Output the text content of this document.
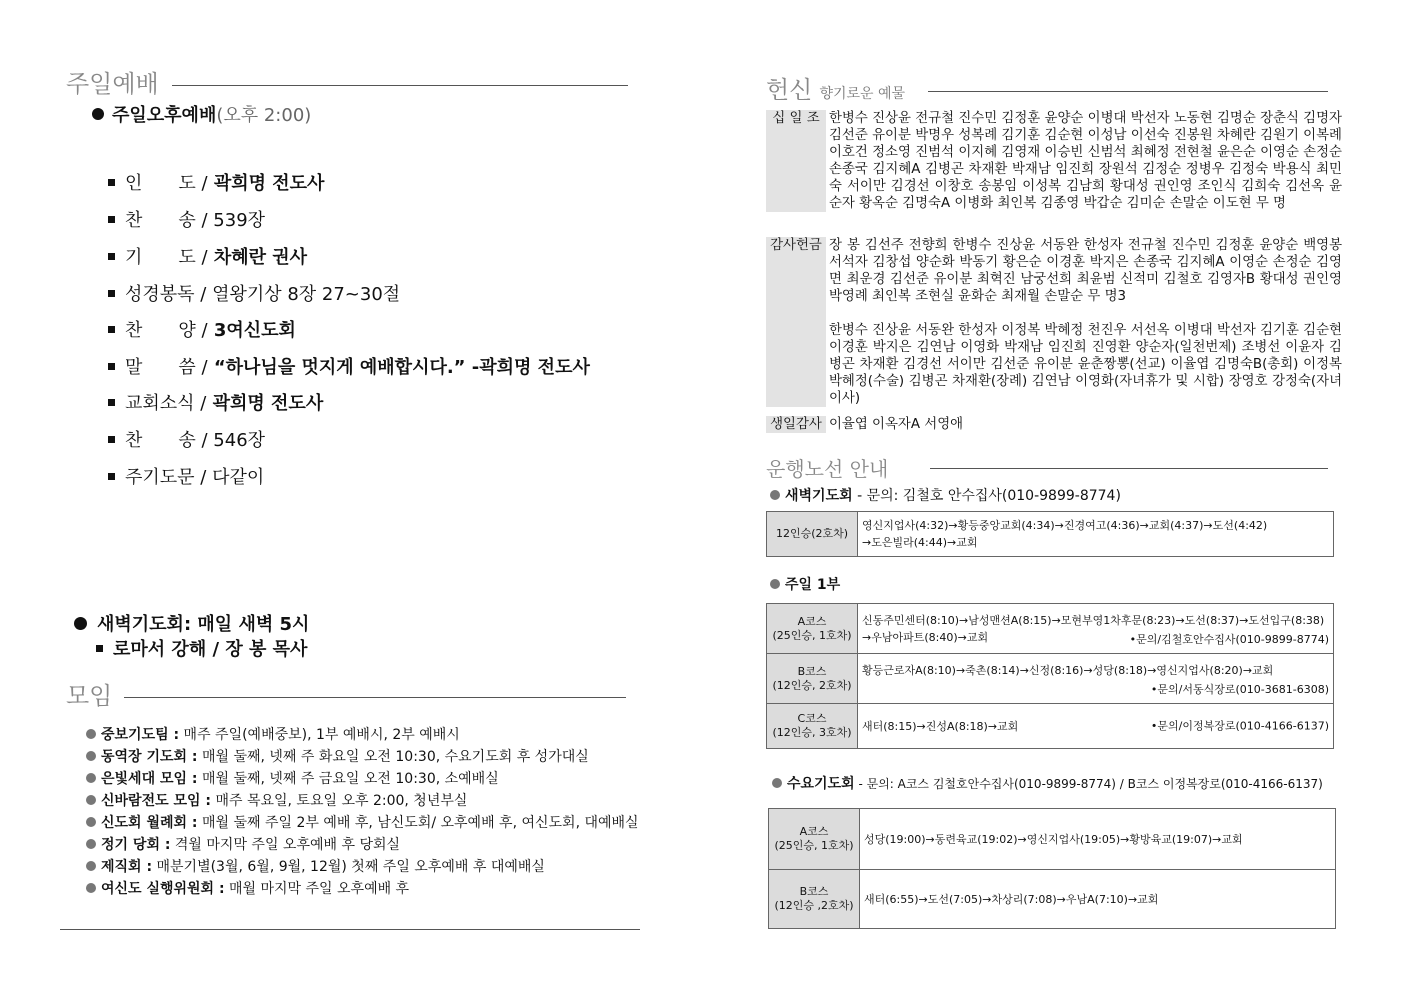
주일예배
주일오후예배(오후 2:00)
인　　도 / 곽희명 전도사
찬　　송 / 539장
기　　도 / 차혜란 권사
성경봉독 / 열왕기상 8장 27~30절
찬　　양 / 3여신도회
말　　씀 / “하나님을 멋지게 예배합시다.” -곽희명 전도사
교회소식 / 곽희명 전도사
찬　　송 / 546장
주기도문 / 다같이
새벽기도회: 매일 새벽 5시
로마서 강해 / 장 봉 목사
모임
중보기도팀 : 매주 주일(예배중보), 1부 예배시, 2부 예배시
동역장 기도회 : 매월 둘째, 넷째 주 화요일 오전 10:30, 수요기도회 후 성가대실
은빛세대 모임 : 매월 둘째, 넷째 주 금요일 오전 10:30, 소예배실
신바람전도 모임 : 매주 목요일, 토요일 오후 2:00, 청년부실
신도회 월례회 : 매월 둘째 주일 2부 예배 후, 남신도회/ 오후예배 후, 여신도회, 대예배실
정기 당회 : 격월 마지막 주일 오후예배 후 당회실
제직회 : 매분기별(3월, 6월, 9월, 12월) 첫째 주일 오후예배 후 대예배실
여신도 실행위원회 : 매월 마지막 주일 오후예배 후
헌신 향기로운 예물
십 일 조 한병수 진상윤 전규철 진수민 김정훈 윤양순 이병대 박선자 노동현 김명순 장춘식 김명자 김선준 유이분 박명우 성복례 김기훈 김순현 이성남 이선숙 진봉원 차혜란 김원기 이복례 이호건 정소영 진범석 이지혜 김영재 이승빈 신범석 최혜정 전현철 윤은순 이영순 손정순 손종국 김지혜A 김병곤 차재환 박재남 임진희 장원석 김정순 정병우 김정숙 박용식 최민숙 서이만 김경선 이창호 송봉임 이성복 김남희 황대성 권인영 조인식 김희숙 김선옥 윤순자 황옥순 김명숙A 이병화 최인복 김종영 박갑순 김미순 손말순 이도현 무 명
감사헌금 장 봉 김선주 전향희 한병수 진상윤 서동완 한성자 전규철 진수민 김정훈 윤양순 백영봉 서석자 김창섭 양순화 박동기 황은순 이경훈 박지은 손종국 김지혜A 이영순 손정순 김영면 최운경 김선준 유이분 최혁진 남궁선희 최윤범 신적미 김철호 김영자B 황대성 권인영 박영례 최인복 조현실 윤화순 최재월 손말순 무 명3

한병수 진상윤 서동완 한성자 이정복 박혜정 천진우 서선옥 이병대 박선자 김기훈 김순현 이경훈 박지은 김연남 이영화 박재남 임진희 진영환 양순자(일천번제) 조병선 이윤자 김병곤 차재환 김경선 서이만 김선준 유이분 윤춘짱뽕(선교) 이율엽 김명숙B(총회) 이정복 박혜정(수술) 김병곤 차재환(장례) 김연남 이영화(자녀휴가 및 시합) 장영호 강정숙(자녀이사)
생일감사 이율엽 이옥자A 서영애
운행노선 안내
새벽기도회 - 문의: 김철호 안수집사(010-9899-8774)
12인승(2호차)
영신지업사(4:32)→황등중앙교회(4:34)→진경여고(4:36)→교회(4:37)→도선(4:42)
→도은빌라(4:44)→교회
주일 1부
A코스
(25인승, 1호차)
신동주민센터(8:10)→남성맨션A(8:15)→모현부영1차후문(8:23)→도선(8:37)→도선입구(8:38)
→우남아파트(8:40)→교회	•문의/김철호안수집사(010-9899-8774)
B코스
(12인승, 2호차)
황등근로자A(8:10)→죽촌(8:14)→신정(8:16)→성당(8:18)→영신지업사(8:20)→교회
•문의/서동식장로(010-3681-6308)
C코스
(12인승, 3호차) 새터(8:15)→진성A(8:18)→교회	•문의/이정복장로(010-4166-6137)
수요기도회 - 문의: A코스 김철호안수집사(010-9899-8774) / B코스 이정복장로(010-4166-6137)
A코스
(25인승, 1호차) 성당(19:00)→동련육교(19:02)→영신지업사(19:05)→황방육교(19:07)→교회
B코스
(12인승 ,2호차) 새터(6:55)→도선(7:05)→차상리(7:08)→우남A(7:10)→교회
